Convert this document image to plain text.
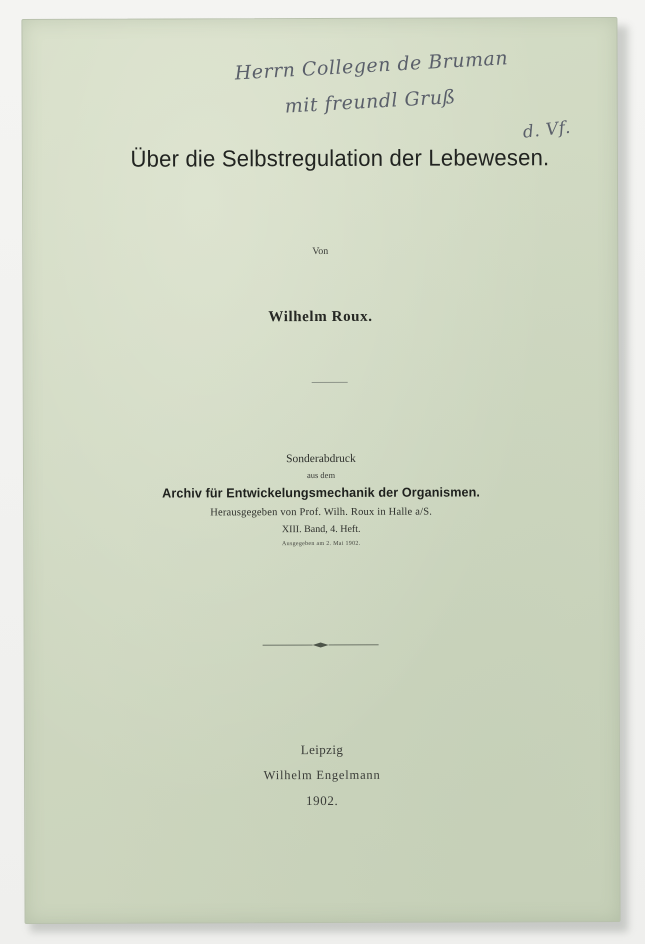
Herrn Collegen de Bruman
mit freundl Gruß
d. Vf.
Über die Selbstregulation der Lebewesen.
Von
Wilhelm Roux.
Sonderabdruck
aus dem
Archiv für Entwickelungsmechanik der Organismen.
Herausgegeben von Prof. Wilh. Roux in Halle a/S.
XIII. Band, 4. Heft.
Ausgegeben am 2. Mai 1902.
Leipzig
Wilhelm Engelmann
1902.
